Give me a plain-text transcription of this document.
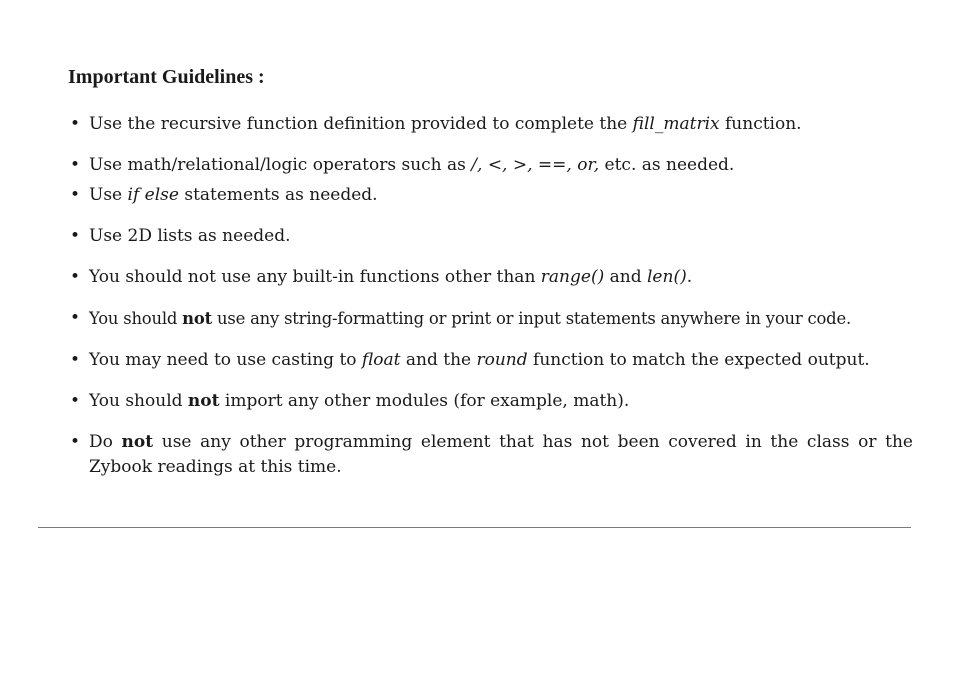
Important Guidelines :
• Use the recursive function definition provided to complete the fill_matrix function.
• Use math/relational/logic operators such as /, <, >, ==, or, etc. as needed.
• Use if else statements as needed.
• Use 2D lists as needed.
• You should not use any built-in functions other than range() and len().
• You should not use any string-formatting or print or input statements anywhere in your code.
• You may need to use casting to float and the round function to match the expected output.
• You should not import any other modules (for example, math).
• Do not use any other programming element that has not been covered in the class or the Zybook readings at this time.
